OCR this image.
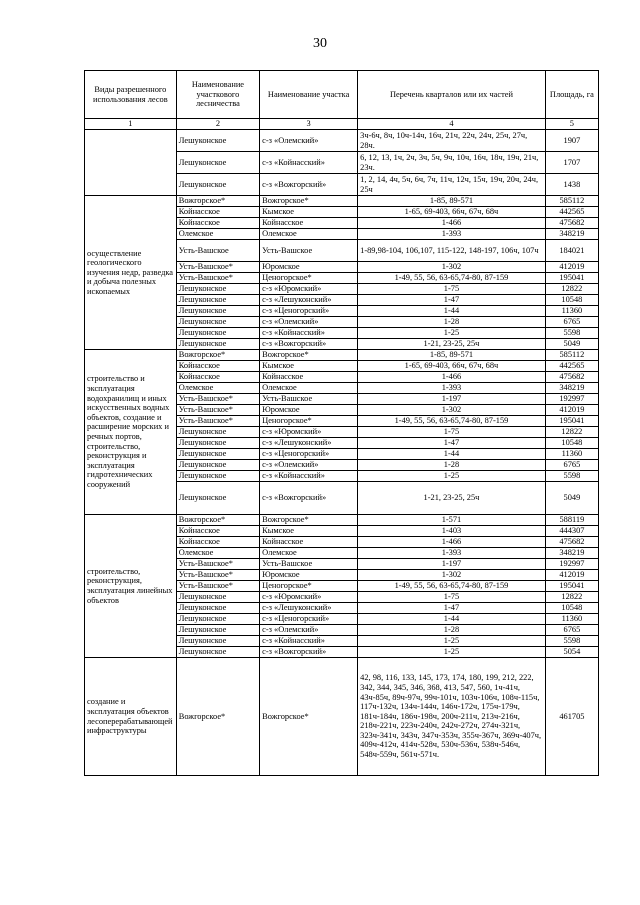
30
Виды разрешенного использования лесов	Наименование участкового лесничества	Наименование участка	Перечень кварталов или их частей	Площадь, га
1	2	3	4	5
	Лешуконское	с-з «Олемский»	3ч-6ч, 8ч, 10ч-14ч, 16ч, 21ч, 22ч, 24ч, 25ч, 27ч, 28ч.	1907
	Лешуконское	с-з «Койнасский»	6, 12, 13, 1ч, 2ч, 3ч, 5ч, 9ч, 10ч, 16ч, 18ч, 19ч, 21ч, 23ч.	1707
	Лешуконское	с-з «Вожгорский»	1, 2, 14, 4ч, 5ч, 6ч, 7ч, 11ч, 12ч, 15ч, 19ч, 20ч, 24ч, 25ч	1438
осуществление геологического изучения недр, разведка и добыча полезных ископаемых	Вожгорское*	Вожгорское*	1-85, 89-571	585112
	Койнасское	Кымское	1-65, 69-403, 66ч, 67ч, 68ч	442565
	Койнасское	Койнасское	1-466	475682
	Олемское	Олемское	1-393	348219
	Усть-Вашское	Усть-Вашское	1-89,98-104, 106,107, 115-122, 148-197, 106ч, 107ч	184021
	Усть-Вашское*	Юромское	1-302	412019
	Усть-Вашское*	Ценогорское*	1-49, 55, 56, 63-65,74-80, 87-159	195041
	Лешуконское	с-з «Юромский»	1-75	12822
	Лешуконское	с-з «Лешуконский»	1-47	10548
	Лешуконское	с-з «Ценогорский»	1-44	11360
	Лешуконское	с-з «Олемский»	1-28	6765
	Лешуконское	с-з «Койнасский»	1-25	5598
	Лешуконское	с-з «Вожгорский»	1-21, 23-25, 25ч	5049
строительство и эксплуатация водохранилищ и иных искусственных водных объектов, создание и расширение морских и речных портов, строительство, реконструкция и эксплуатация гидротехнических сооружений	Вожгорское*	Вожгорское*	1-85, 89-571	585112
	Койнасское	Кымское	1-65, 69-403, 66ч, 67ч, 68ч	442565
	Койнасское	Койнасское	1-466	475682
	Олемское	Олемское	1-393	348219
	Усть-Вашское*	Усть-Вашское	1-197	192997
	Усть-Вашское*	Юромское	1-302	412019
	Усть-Вашское*	Ценогорское*	1-49, 55, 56, 63-65,74-80, 87-159	195041
	Лешуконское	с-з «Юромский»	1-75	12822
	Лешуконское	с-з «Лешуконский»	1-47	10548
	Лешуконское	с-з «Ценогорский»	1-44	11360
	Лешуконское	с-з «Олемский»	1-28	6765
	Лешуконское	с-з «Койнасский»	1-25	5598
	Лешуконское	с-з «Вожгорский»	1-21, 23-25, 25ч	5049
строительство, реконструкция, эксплуатация линейных объектов	Вожгорское*	Вожгорское*	1-571	588119
	Койнасское	Кымское	1-403	444307
	Койнасское	Койнасское	1-466	475682
	Олемское	Олемское	1-393	348219
	Усть-Вашское*	Усть-Вашское	1-197	192997
	Усть-Вашское*	Юромское	1-302	412019
	Усть-Вашское*	Ценогорское*	1-49, 55, 56, 63-65,74-80, 87-159	195041
	Лешуконское	с-з «Юромский»	1-75	12822
	Лешуконское	с-з «Лешуконский»	1-47	10548
	Лешуконское	с-з «Ценогорский»	1-44	11360
	Лешуконское	с-з «Олемский»	1-28	6765
	Лешуконское	с-з «Койнасский»	1-25	5598
	Лешуконское	с-з «Вожгорский»	1-25	5054
создание и эксплуатация объектов лесоперерабатывающей инфраструктуры	Вожгорское*	Вожгорское*	42, 98, 116, 133, 145, 173, 174, 180, 199, 212, 222, 342, 344, 345, 346, 368, 413, 547, 560, 1ч-41ч, 43ч-85ч, 89ч-97ч, 99ч-101ч, 103ч-106ч, 108ч-115ч, 117ч-132ч, 134ч-144ч, 146ч-172ч, 175ч-179ч, 181ч-184ч, 186ч-198ч, 200ч-211ч, 213ч-216ч, 218ч-221ч, 223ч-240ч, 242ч-272ч, 274ч-321ч, 323ч-341ч, 343ч, 347ч-353ч, 355ч-367ч, 369ч-407ч, 409ч-412ч, 414ч-528ч, 530ч-536ч, 538ч-546ч, 548ч-559ч, 561ч-571ч.	461705
